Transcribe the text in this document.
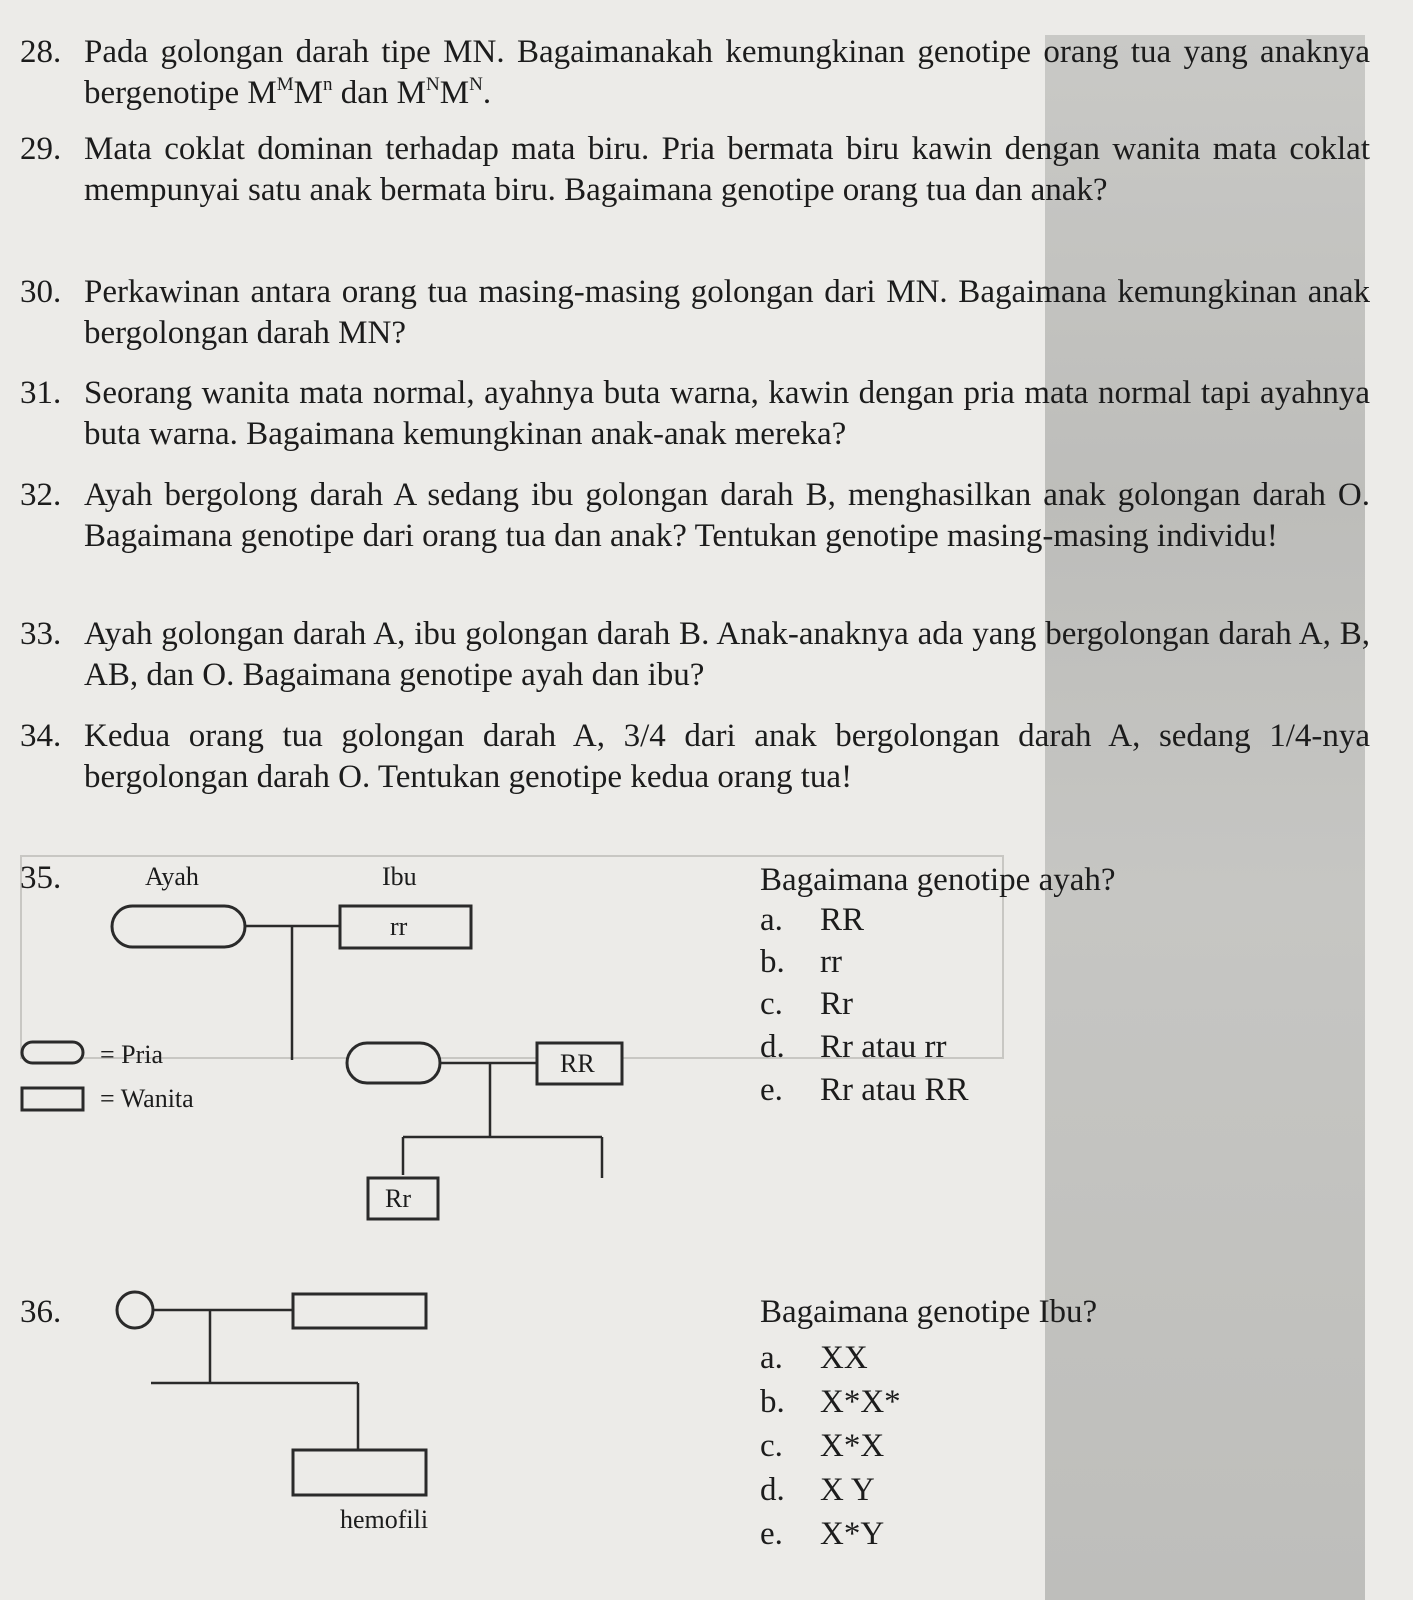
28. Pada golongan darah tipe MN. Bagaimanakah kemungkinan genotipe orang tua yang anaknya bergenotipe $M^MM^n$ dan $M^NM^N$.
29. Mata coklat dominan terhadap mata biru. Pria bermata biru kawin dengan wanita mata coklat mempunyai satu anak bermata biru. Bagaimana genotipe orang tua dan anak?
30. Perkawinan antara orang tua masing-masing golongan dari MN. Bagaimana kemungkinan anak bergolongan darah MN?
31. Seorang wanita mata normal, ayahnya buta warna, kawin dengan pria mata normal tapi ayahnya buta warna. Bagaimana kemungkinan anak-anak mereka?
32. Ayah bergolong darah A sedang ibu golongan darah B, menghasilkan anak golongan darah O. Bagaimana genotipe dari orang tua dan anak? Tentukan genotipe masing-masing individu!
33. Ayah golongan darah A, ibu golongan darah B. Anak-anaknya ada yang bergolongan darah A, B, AB, dan O. Bagaimana genotipe ayah dan ibu?
34. Kedua orang tua golongan darah A, 3/4 dari anak bergolongan darah A, sedang 1/4-nya bergolongan darah O. Tentukan genotipe kedua orang tua!
35.	Ayah	Ibu
rr
RR
Rr
= Pria
= Wanita
Bagaimana genotipe ayah?
a. RR
b. rr
c. Rr
d. Rr atau rr
e. Rr atau RR
36.
hemofili
Bagaimana genotipe Ibu?
a. XX
b. X*X*
c. X*X
d. X Y
e. X*Y
